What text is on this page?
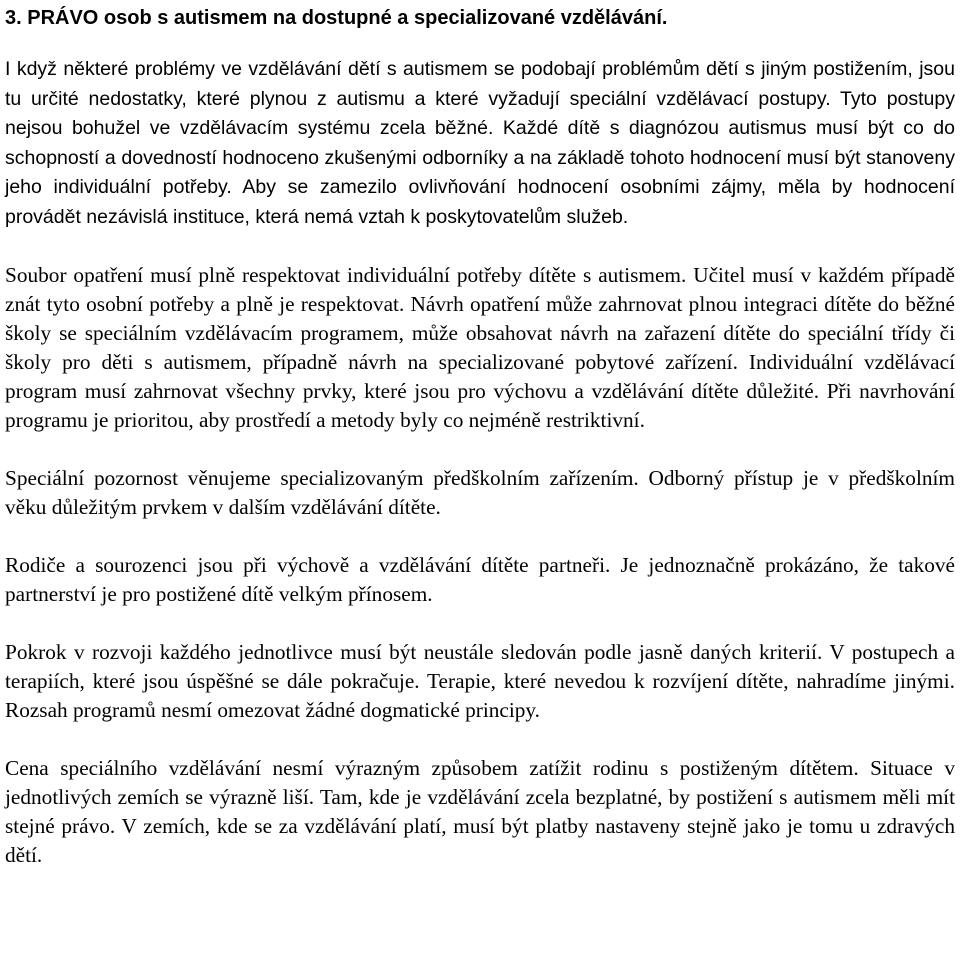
3. PRÁVO osob s autismem na dostupné a specializované vzdělávání.

I když některé problémy ve vzdělávání dětí s autismem se podobají problémům dětí s jiným postižením, jsou tu určité nedostatky, které plynou z autismu a které vyžadují speciální vzdělávací postupy. Tyto postupy nejsou bohužel ve vzdělávacím systému zcela běžné. Každé dítě s diagnózou autismus musí být co do schopností a dovedností hodnoceno zkušenými odborníky a na základě tohoto hodnocení musí být stanoveny jeho individuální potřeby. Aby se zamezilo ovlivňování hodnocení osobními zájmy, měla by hodnocení provádět nezávislá instituce, která nemá vztah k poskytovatelům služeb.

Soubor opatření musí plně respektovat individuální potřeby dítěte s autismem. Učitel musí v každém případě znát tyto osobní potřeby a plně je respektovat. Návrh opatření může zahrnovat plnou integraci dítěte do běžné školy se speciálním vzdělávacím programem, může obsahovat návrh na zařazení dítěte do speciální třídy či školy pro děti s autismem, případně návrh na specializované pobytové zařízení. Individuální vzdělávací program musí zahrnovat všechny prvky, které jsou pro výchovu a vzdělávání dítěte důležité. Při navrhování programu je prioritou, aby prostředí a metody byly co nejméně restriktivní.

Speciální pozornost věnujeme specializovaným předškolním zařízením. Odborný přístup je v předškolním věku důležitým prvkem v dalším vzdělávání dítěte.

Rodiče a sourozenci jsou při výchově a vzdělávání dítěte partneři. Je jednoznačně prokázáno, že takové partnerství je pro postižené dítě velkým přínosem.

Pokrok v rozvoji každého jednotlivce musí být neustále sledován podle jasně daných kriterií. V postupech a terapiích, které jsou úspěšné se dále pokračuje. Terapie, které nevedou k rozvíjení dítěte, nahradíme jinými. Rozsah programů nesmí omezovat žádné dogmatické principy.

Cena speciálního vzdělávání nesmí výrazným způsobem zatížit rodinu s postiženým dítětem. Situace v jednotlivých zemích se výrazně liší. Tam, kde je vzdělávání zcela bezplatné, by postižení s autismem měli mít stejné právo. V zemích, kde se za vzdělávání platí, musí být platby nastaveny stejně jako je tomu u zdravých dětí.
